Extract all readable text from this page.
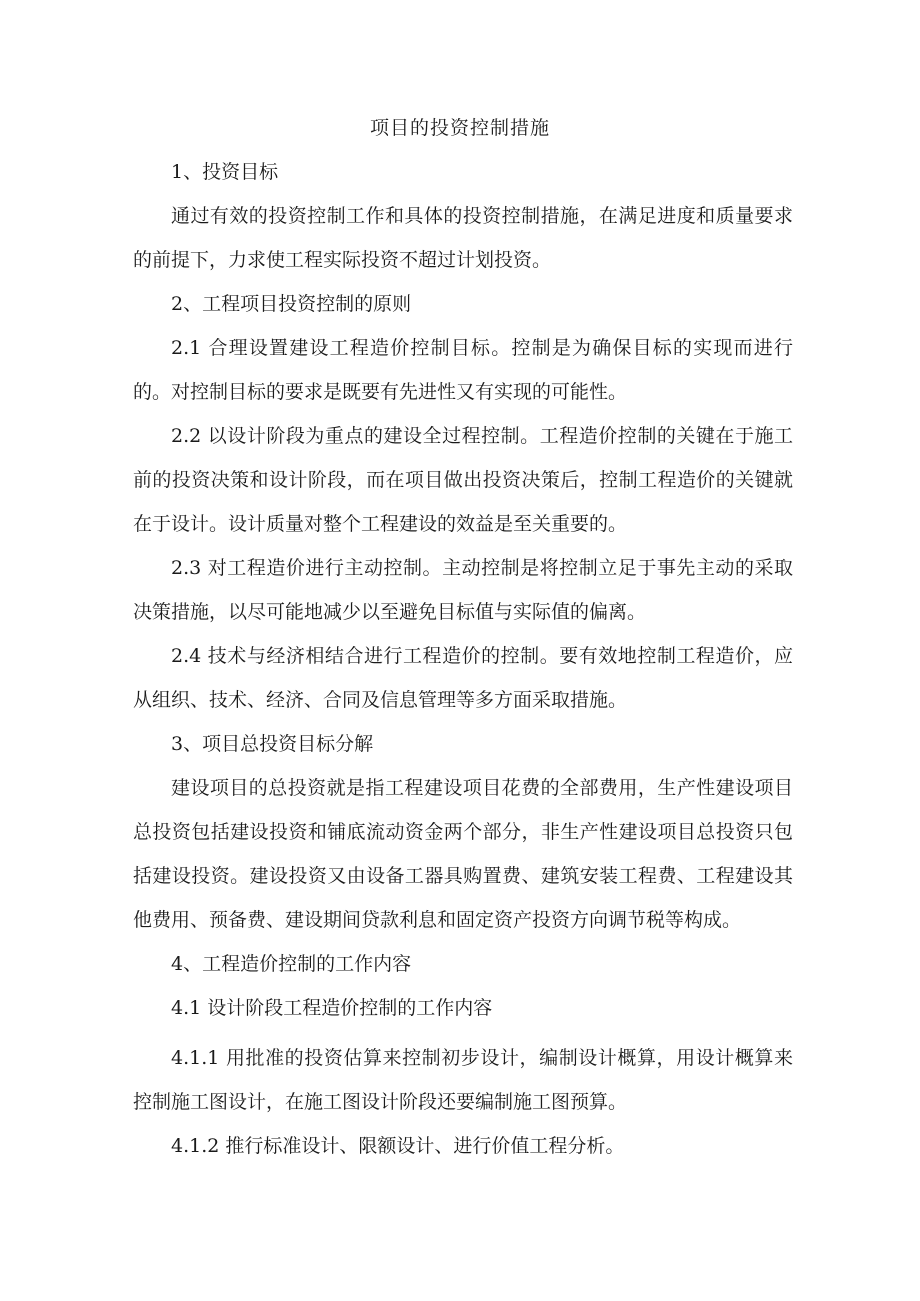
项目的投资控制措施

1、投资目标

通过有效的投资控制工作和具体的投资控制措施，在满足进度和质量要求的前提下，力求使工程实际投资不超过计划投资。

2、工程项目投资控制的原则

2.1 合理设置建设工程造价控制目标。控制是为确保目标的实现而进行的。对控制目标的要求是既要有先进性又有实现的可能性。

2.2 以设计阶段为重点的建设全过程控制。工程造价控制的关键在于施工前的投资决策和设计阶段，而在项目做出投资决策后，控制工程造价的关键就在于设计。设计质量对整个工程建设的效益是至关重要的。

2.3 对工程造价进行主动控制。主动控制是将控制立足于事先主动的采取决策措施，以尽可能地减少以至避免目标值与实际值的偏离。

2.4 技术与经济相结合进行工程造价的控制。要有效地控制工程造价，应从组织、技术、经济、合同及信息管理等多方面采取措施。

3、项目总投资目标分解

建设项目的总投资就是指工程建设项目花费的全部费用，生产性建设项目总投资包括建设投资和铺底流动资金两个部分，非生产性建设项目总投资只包括建设投资。建设投资又由设备工器具购置费、建筑安装工程费、工程建设其他费用、预备费、建设期间贷款利息和固定资产投资方向调节税等构成。

4、工程造价控制的工作内容

4.1 设计阶段工程造价控制的工作内容

4.1.1 用批准的投资估算来控制初步设计，编制设计概算，用设计概算来控制施工图设计，在施工图设计阶段还要编制施工图预算。

4.1.2 推行标准设计、限额设计、进行价值工程分析。
